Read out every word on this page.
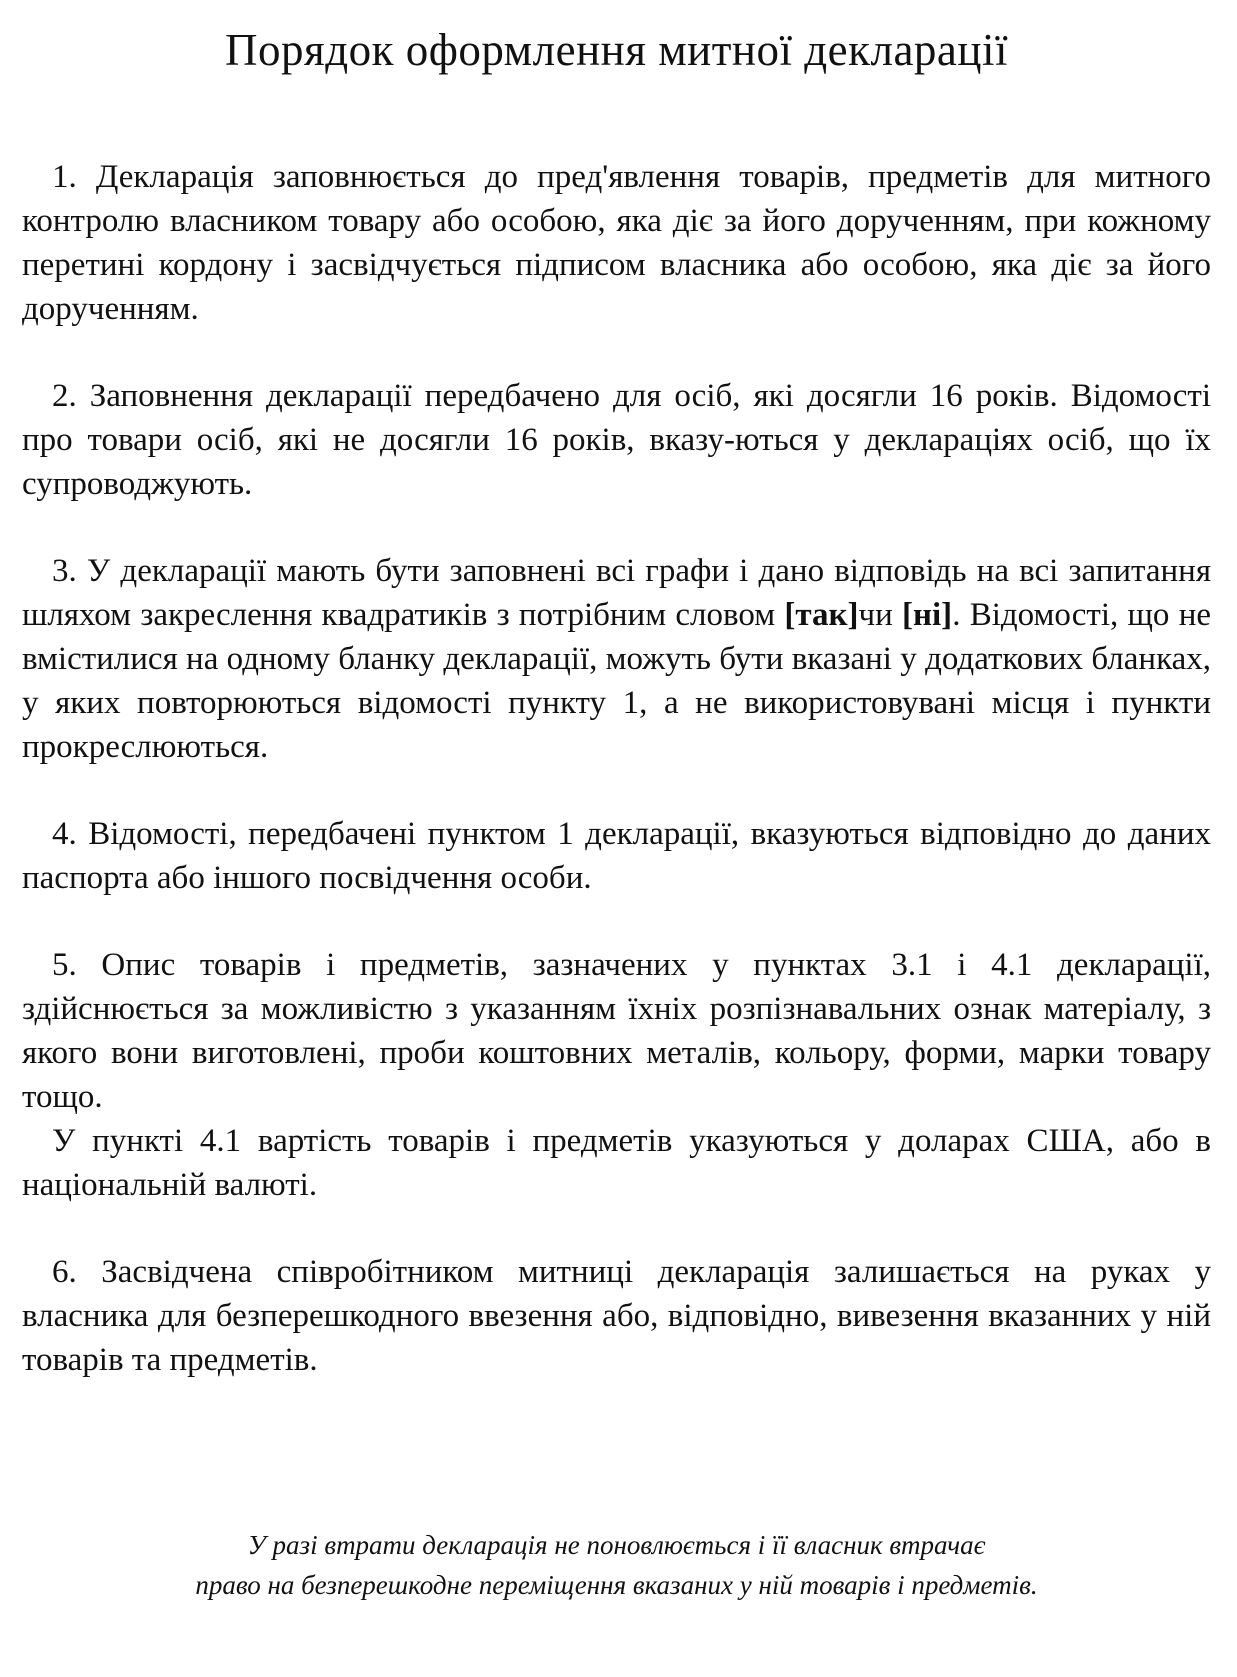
Порядок оформлення митної декларації

1. Декларація заповнюється до пред'явлення товарів, предметів для митного контролю власником товару або особою, яка діє за його дорученням, при кожному перетині кордону і засвідчується підписом власника або особою, яка діє за його дорученням.

2. Заповнення декларації передбачено для осіб, які досягли 16 років. Відомості про товари осіб, які не досягли 16 років, вказу-ються у деклараціях осіб, що їх супроводжують.

3. У декларації мають бути заповнені всі графи і дано відповідь на всі запитання шляхом закреслення квадратиків з потрібним словом [так]чи [ні]. Відомості, що не вмістилися на одному бланку декларації, можуть бути вказані у додаткових бланках, у яких повторюються відомості пункту 1, а не використовувані місця і пункти прокреслюються.

4. Відомості, передбачені пунктом 1 декларації, вказуються відповідно до даних паспорта або іншого посвідчення особи.

5. Опис товарів і предметів, зазначених у пунктах 3.1 і 4.1 декларації, здійснюється за можливістю з указанням їхніх розпізнавальних ознак матеріалу, з якого вони виготовлені, проби коштовних металів, кольору, форми, марки товару тощо.

У пункті 4.1 вартість товарів і предметів указуються у доларах США, або в національній валюті.

6. Засвідчена співробітником митниці декларація залишається на руках у власника для безперешкодного ввезення або, відповідно, вивезення вказанних у ній товарів та предметів.

У разі втрати декларація не поновлюється і її власник втрачає
право на безперешкодне переміщення вказаних у ній товарів і предметів.
